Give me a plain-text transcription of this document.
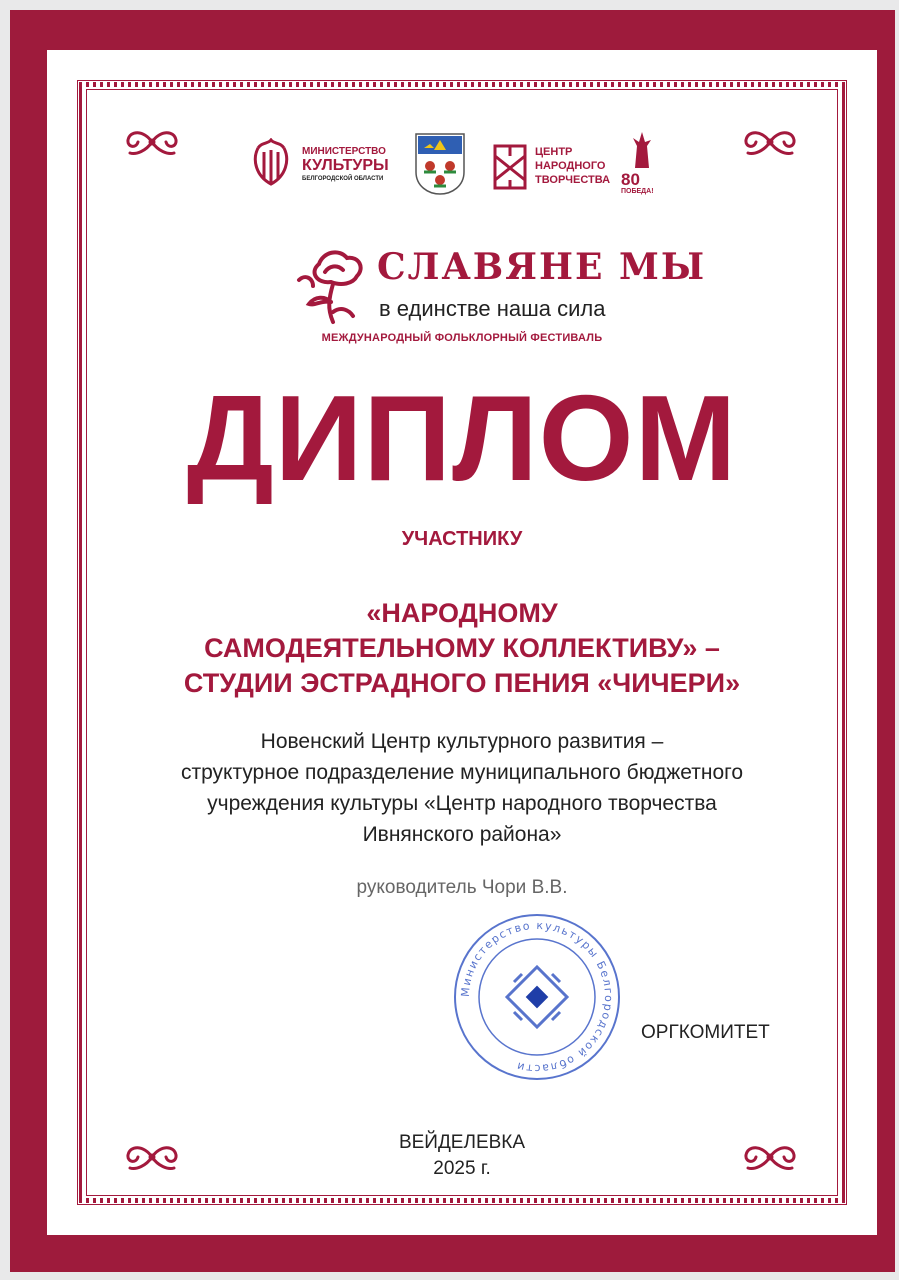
МИНИСТЕРСТВО
КУЛЬТУРЫ
БЕЛГОРОДСКОЙ ОБЛАСТИ
ЦЕНТР
НАРОДНОГО
ТВОРЧЕСТВА 80
ПОБЕДА!
СЛАВЯНЕ МЫ
в единстве наша сила
МЕЖДУНАРОДНЫЙ ФОЛЬКЛОРНЫЙ ФЕСТИВАЛЬ
ДИПЛОМ
УЧАСТНИКУ
«НАРОДНОМУ
САМОДЕЯТЕЛЬНОМУ КОЛЛЕКТИВУ» –
СТУДИИ ЭСТРАДНОГО ПЕНИЯ «ЧИЧЕРИ»
Новенский Центр культурного развития –
структурное подразделение муниципального бюджетного
учреждения культуры «Центр народного творчества
Ивнянского района»
руководитель Чори В.В.
Министерство культуры Белгородской области
ОРГКОМИТЕТ
ВЕЙДЕЛЕВКА
2025 г.
